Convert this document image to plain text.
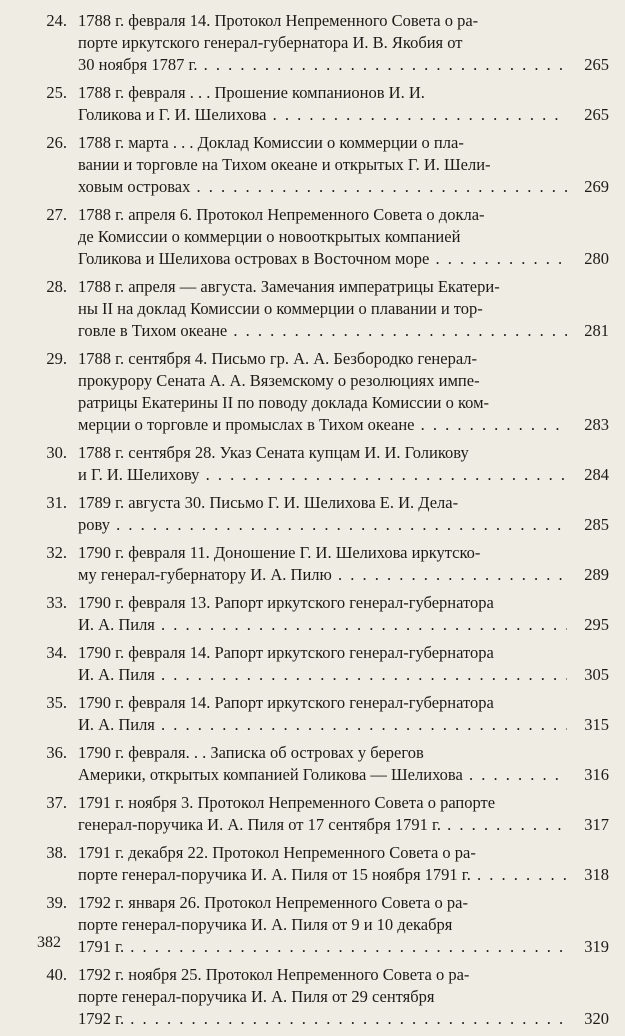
24. 1788 г. февраля 14. Протокол Непременного Совета о ра-
порте иркутского генерал-губернатора И. В. Якобия от
30 ноября 1787 г. . . .	265
25. 1788 г. февраля . . . Прошение компанионов И. И.
Голикова и Г. И. Шелихова . . .	265
26. 1788 г. марта . . . Доклад Комиссии о коммерции о пла-
вании и торговле на Тихом океане и открытых Г. И. Шели-
ховым островах . . .	269
27. 1788 г. апреля 6. Протокол Непременного Совета о докла-
де Комиссии о коммерции о новооткрытых компанией
Голикова и Шелихова островах в Восточном море . . .	280
28. 1788 г. апреля — августа. Замечания императрицы Екатери-
ны II на доклад Комиссии о коммерции о плавании и тор-
говле в Тихом океане . . .	281
29. 1788 г. сентября 4. Письмо гр. А. А. Безбородко генерал-
прокурору Сената А. А. Вяземскому о резолюциях импе-
ратрицы Екатерины II по поводу доклада Комиссии о ком-
мерции о торговле и промыслах в Тихом океане . . .	283
30. 1788 г. сентября 28. Указ Сената купцам И. И. Голикову
и Г. И. Шелихову . . .	284
31. 1789 г. августа 30. Письмо Г. И. Шелихова Е. И. Дела-
рову . . .	285
32. 1790 г. февраля 11. Доношение Г. И. Шелихова иркутско-
му генерал-губернатору И. А. Пилю . . .	289
33. 1790 г. февраля 13. Рапорт иркутского генерал-губернатора
И. А. Пиля . . .	295
34. 1790 г. февраля 14. Рапорт иркутского генерал-губернатора
И. А. Пиля . . .	305
35. 1790 г. февраля 14. Рапорт иркутского генерал-губернатора
И. А. Пиля . . .	315
36. 1790 г. февраля. . . Записка об островах у берегов
Америки, открытых компанией Голикова — Шелихова . . .	316
37. 1791 г. ноября 3. Протокол Непременного Совета о рапорте
генерал-поручика И. А. Пиля от 17 сентября 1791 г. . . .	317
38. 1791 г. декабря 22. Протокол Непременного Совета о ра-
порте генерал-поручика И. А. Пиля от 15 ноября 1791 г. . . .	318
39. 1792 г. января 26. Протокол Непременного Совета о ра-
порте генерал-поручика И. А. Пиля от 9 и 10 декабря
1791 г. . . .	319
40. 1792 г. ноября 25. Протокол Непременного Совета о ра-
порте генерал-поручика И. А. Пиля от 29 сентября
1792 г. . . .	320
382
